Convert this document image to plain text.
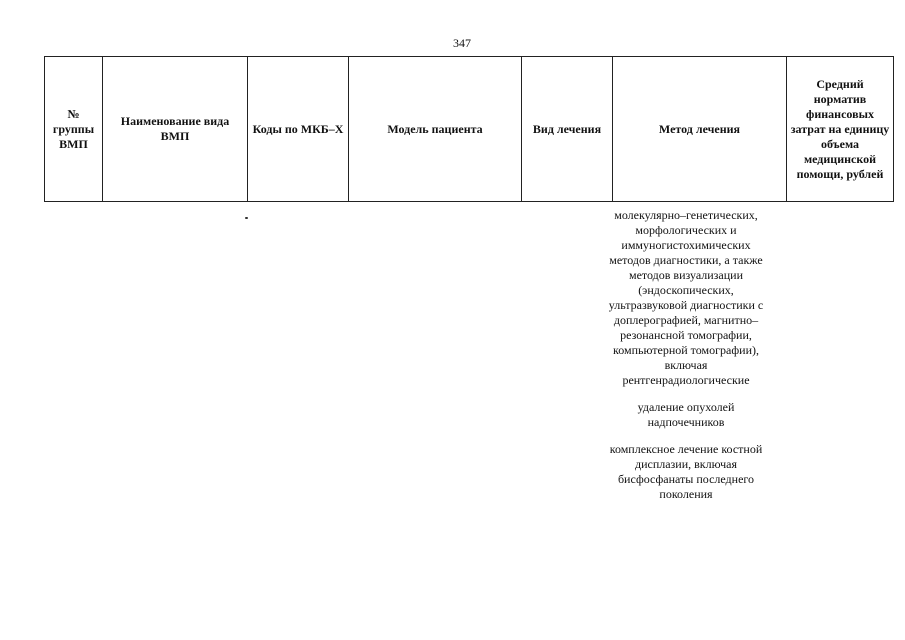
347
№ группы ВМП	Наименование вида ВМП	Коды по МКБ–Х	Модель пациента	Вид лечения	Метод лечения	Средний норматив финансовых затрат на единицу объема медицинской помощи, рублей
молекулярно–генетических, морфологических и иммуногистохимических методов диагностики, а также методов визуализации (эндоскопических, ультразвуковой диагностики с доплерографией, магнитно–резонансной томографии, компьютерной томографии), включая рентгенрадиологические
удаление опухолей надпочечников
комплексное лечение костной дисплазии, включая бисфосфанаты последнего поколения
